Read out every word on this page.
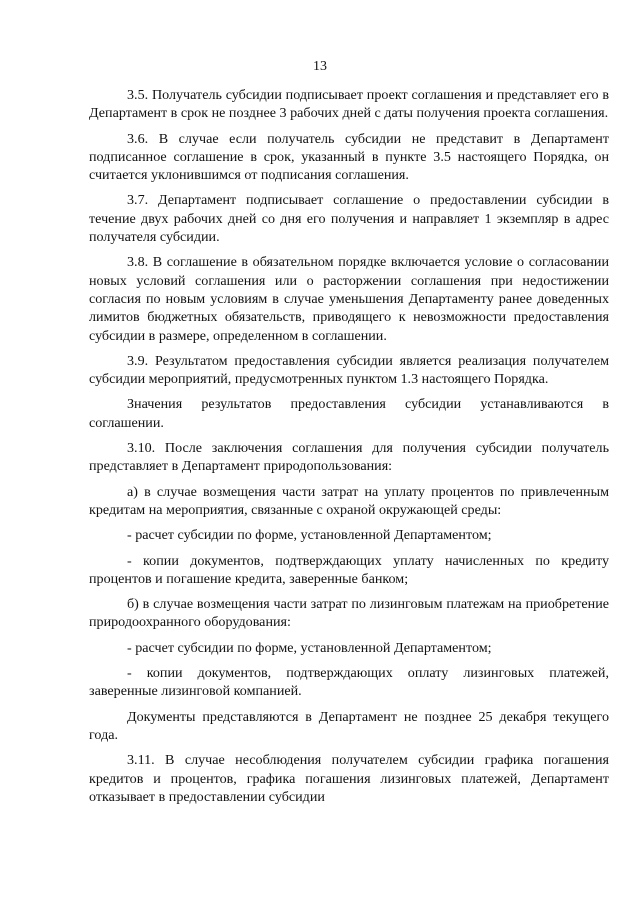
13

3.5. Получатель субсидии подписывает проект соглашения и представляет его в Департамент в срок не позднее 3 рабочих дней с даты получения проекта соглашения.

3.6. В случае если получатель субсидии не представит в Департамент подписанное соглашение в срок, указанный в пункте 3.5 настоящего Порядка, он считается уклонившимся от подписания соглашения.

3.7. Департамент подписывает соглашение о предоставлении субсидии в течение двух рабочих дней со дня его получения и направляет 1 экземпляр в адрес получателя субсидии.

3.8. В соглашение в обязательном порядке включается условие о согласовании новых условий соглашения или о расторжении соглашения при недостижении согласия по новым условиям в случае уменьшения Департаменту ранее доведенных лимитов бюджетных обязательств, приводящего к невозможности предоставления субсидии в размере, определенном в соглашении.

3.9. Результатом предоставления субсидии является реализация получателем субсидии мероприятий, предусмотренных пунктом 1.3 настоящего Порядка.

Значения результатов предоставления субсидии устанавливаются в соглашении.

3.10. После заключения соглашения для получения субсидии получатель представляет в Департамент природопользования:

а) в случае возмещения части затрат на уплату процентов по привлеченным кредитам на мероприятия, связанные с охраной окружающей среды:

- расчет субсидии по форме, установленной Департаментом;

- копии документов, подтверждающих уплату начисленных по кредиту процентов и погашение кредита, заверенные банком;

б) в случае возмещения части затрат по лизинговым платежам на приобретение природоохранного оборудования:

- расчет субсидии по форме, установленной Департаментом;

- копии документов, подтверждающих оплату лизинговых платежей, заверенные лизинговой компанией.

Документы представляются в Департамент не позднее 25 декабря текущего года.

3.11. В случае несоблюдения получателем субсидии графика погашения кредитов и процентов, графика погашения лизинговых платежей, Департамент отказывает в предоставлении субсидии
